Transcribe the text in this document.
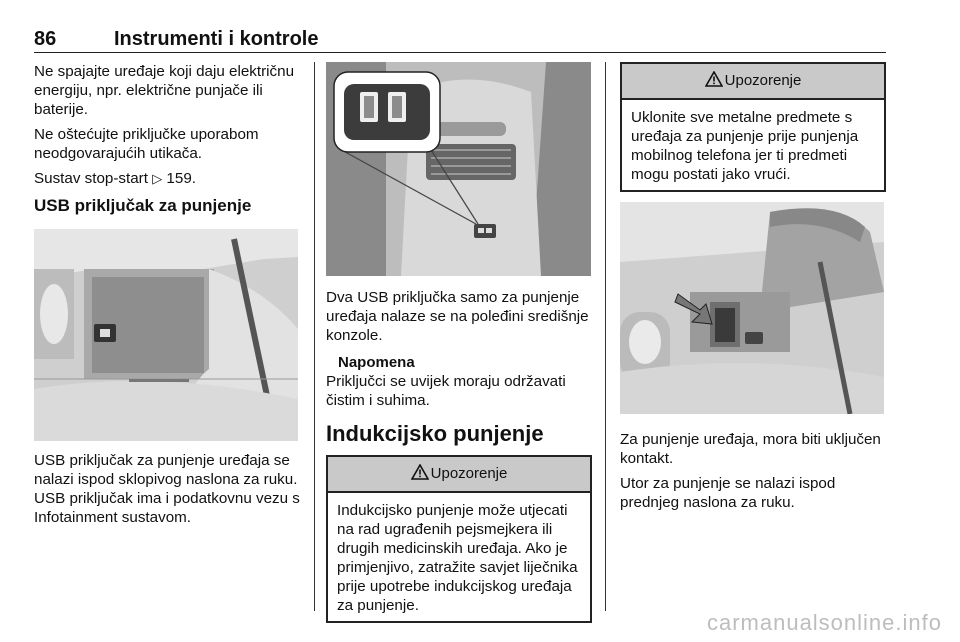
86	Instrumenti i kontrole

Ne spajajte uređaje koji daju električnu energiju, npr. električne punjače ili baterije.

Ne oštećujte priključke uporabom neodgovarajućih utikača.

Sustav stop-start ▷ 159.

USB priključak za punjenje

USB priključak za punjenje uređaja se nalazi ispod sklopivog naslona za ruku. USB priključak ima i podatkovnu vezu s Infotainment sustavom.

Dva USB priključka samo za punjenje uređaja nalaze se na poleđini središnje konzole.

Napomena

Priključci se uvijek moraju održavati čistim i suhima.

Indukcijsko punjenje
Upozorenje
Indukcijsko punjenje može utjecati na rad ugrađenih pejsmejkera ili drugih medicinskih uređaja. Ako je primjenjivo, zatražite savjet liječnika prije upotrebe indukcijskog uređaja za punjenje.
Upozorenje
Uklonite sve metalne predmete s uređaja za punjenje prije punjenja mobilnog telefona jer ti predmeti mogu postati jako vrući.

Za punjenje uređaja, mora biti uključen kontakt.

Utor za punjenje se nalazi ispod prednjeg naslona za ruku.

carmanualsonline.info
